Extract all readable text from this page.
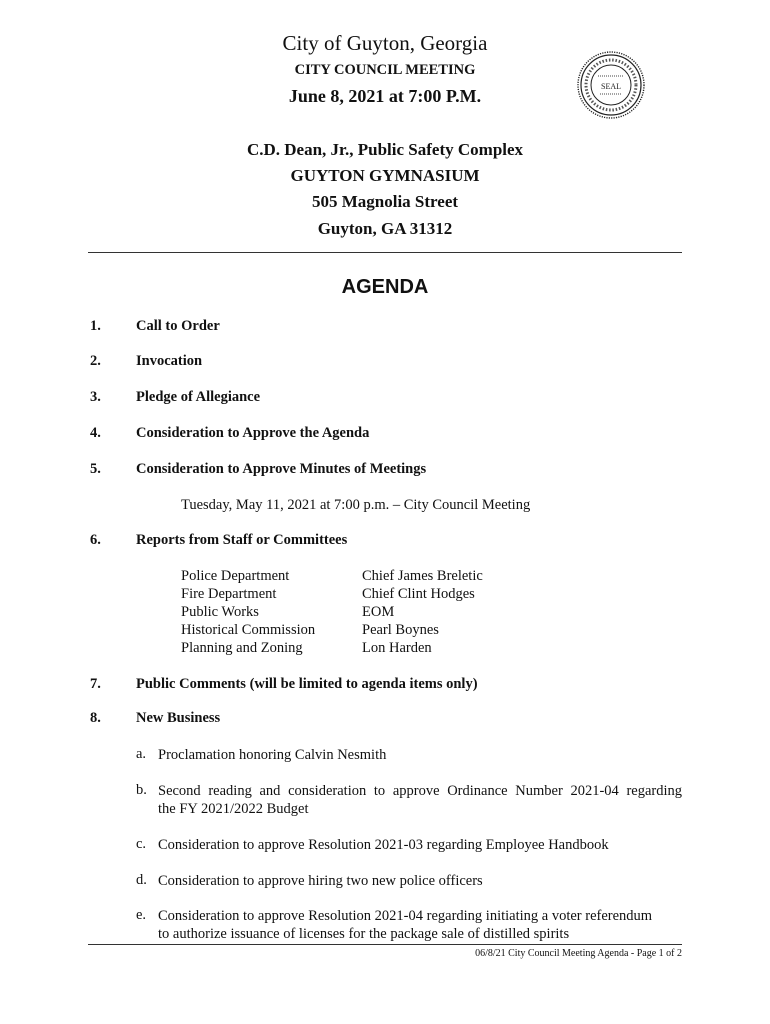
City of Guyton, Georgia
CITY COUNCIL MEETING
June 8, 2021 at 7:00 P.M.
C.D. Dean, Jr., Public Safety Complex
GUYTON GYMNASIUM
505 Magnolia Street
Guyton, GA 31312
SEAL
AGENDA
1. Call to Order
2. Invocation
3. Pledge of Allegiance
4. Consideration to Approve the Agenda
5. Consideration to Approve Minutes of Meetings
Tuesday, May 11, 2021 at 7:00 p.m. – City Council Meeting
6. Reports from Staff or Committees
Police Department	Chief James Breletic
Fire Department	Chief Clint Hodges
Public Works	EOM
Historical Commission	Pearl Boynes
Planning and Zoning	Lon Harden
7. Public Comments (will be limited to agenda items only)
8. New Business
a. Proclamation honoring Calvin Nesmith
b. Second reading and consideration to approve Ordinance Number 2021-04 regarding
the FY 2021/2022 Budget
c. Consideration to approve Resolution 2021-03 regarding Employee Handbook
d. Consideration to approve hiring two new police officers
e. Consideration to approve Resolution 2021-04 regarding initiating a voter referendum
to authorize issuance of licenses for the package sale of distilled spirits
06/8/21 City Council Meeting Agenda - Page 1 of 2
